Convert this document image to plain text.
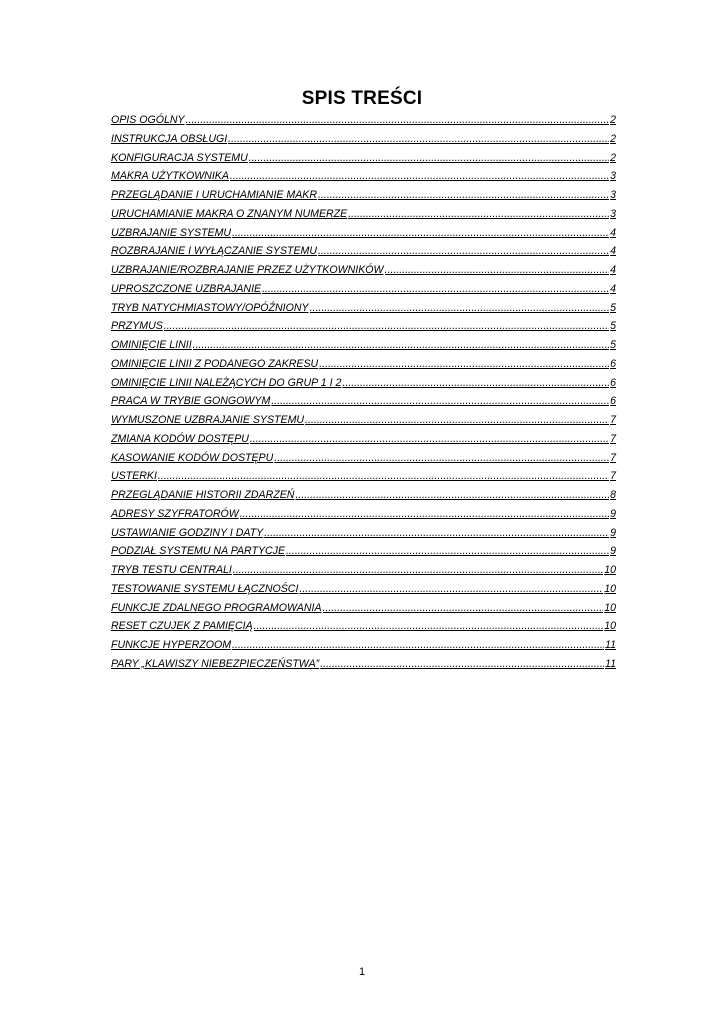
SPIS TREŚCI
OPIS OGÓLNY .....	2
INSTRUKCJA OBSŁUGI .....	2
KONFIGURACJA SYSTEMU .....	2
MAKRA UŻYTKOWNIKA .....	3
PRZEGLĄDANIE I URUCHAMIANIE MAKR .....	3
URUCHAMIANIE MAKRA O ZNANYM NUMERZE .....	3
UZBRAJANIE SYSTEMU .....	4
ROZBRAJANIE I WYŁĄCZANIE SYSTEMU .....	4
UZBRAJANIE/ROZBRAJANIE PRZEZ UŻYTKOWNIKÓW .....	4
UPROSZCZONE UZBRAJANIE .....	4
TRYB NATYCHMIASTOWY/OPÓŹNIONY .....	5
PRZYMUS .....	5
OMINIĘCIE LINII .....	5
OMINIĘCIE LINII Z PODANEGO ZAKRESU .....	6
OMINIĘCIE LINII NALEŻĄCYCH DO GRUP 1 I 2 .....	6
PRACA W TRYBIE GONGOWYM .....	6
WYMUSZONE UZBRAJANIE SYSTEMU .....	7
ZMIANA KODÓW DOSTĘPU .....	7
KASOWANIE KODÓW DOSTĘPU .....	7
USTERKI .....	7
PRZEGLĄDANIE HISTORII ZDARZEŃ .....	8
ADRESY SZYFRATORÓW .....	9
USTAWIANIE GODZINY I DATY .....	9
PODZIAŁ SYSTEMU NA PARTYCJE .....	9
TRYB TESTU CENTRALI .....	10
TESTOWANIE SYSTEMU ŁĄCZNOŚCI .....	10
FUNKCJE ZDALNEGO PROGRAMOWANIA .....	10
RESET CZUJEK Z PAMIĘCIĄ .....	10
FUNKCJE HYPERZOOM .....	11
PARY „KLAWISZY NIEBEZPIECZEŃSTWA” .....	11
1
